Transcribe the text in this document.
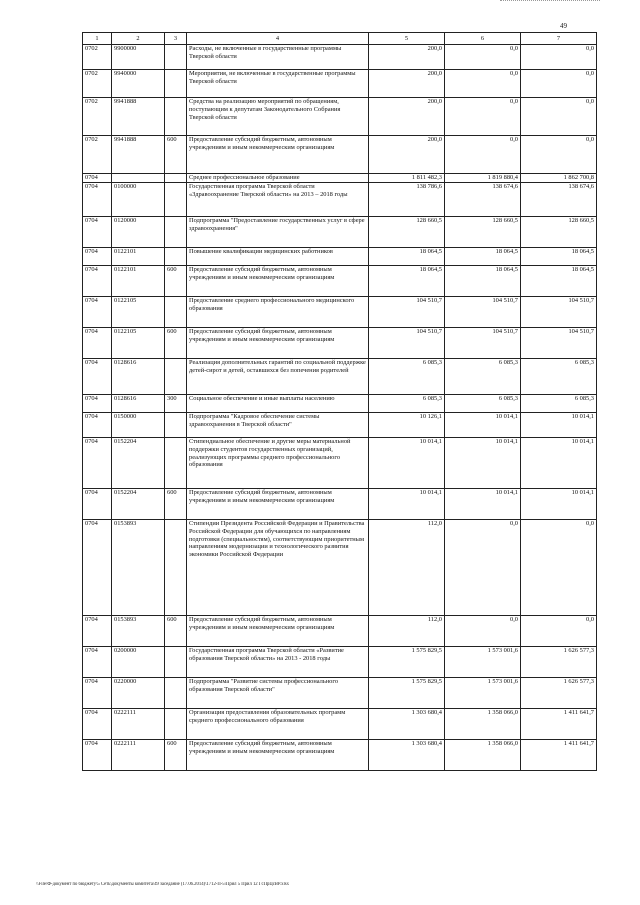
49
1	2	3	4	5	6	7
0702	9900000		Расходы, не включенные в государственные программы Тверской области	200,0	0,0	0,0
0702	9940000		Мероприятия, не включенные в государственные программы Тверской области	200,0	0,0	0,0
0702	9941888		Средства на реализацию мероприятий по обращениям, поступающим к депутатам Законодательного Собрания Тверской области	200,0	0,0	0,0
0702	9941888	600	Предоставление субсидий бюджетным, автономным учреждениям и иным некоммерческим организациям	200,0	0,0	0,0
0704			Среднее профессиональное образование	1 811 482,3	1 819 880,4	1 862 700,8
0704	0100000		Государственная программа Тверской области «Здравоохранение Тверской области» на 2013 – 2018 годы	138 786,6	138 674,6	138 674,6
0704	0120000		Подпрограмма "Предоставление государственных услуг в сфере здравоохранения"	128 660,5	128 660,5	128 660,5
0704	0122101		Повышение квалификации медицинских работников	18 064,5	18 064,5	18 064,5
0704	0122101	600	Предоставление субсидий бюджетным, автономным учреждениям и иным некоммерческим организациям	18 064,5	18 064,5	18 064,5
0704	0122105		Предоставление среднего профессионального медицинского образования	104 510,7	104 510,7	104 510,7
0704	0122105	600	Предоставление субсидий бюджетным, автономным учреждениям и иным некоммерческим организациям	104 510,7	104 510,7	104 510,7
0704	0128616		Реализация дополнительных гарантий по социальной поддержке детей-сирот и детей, оставшихся без попечения родителей	6 085,3	6 085,3	6 085,3
0704	0128616	300	Социальное обеспечение и иные выплаты населению	6 085,3	6 085,3	6 085,3
0704	0150000		Подпрограмма "Кадровое обеспечение системы здравоохранения в Тверской области"	10 126,1	10 014,1	10 014,1
0704	0152204		Стипендиальное обеспечение и другие меры материальной поддержки студентов государственных организаций, реализующих программы среднего профессионального образования	10 014,1	10 014,1	10 014,1
0704	0152204	600	Предоставление субсидий бюджетным, автономным учреждениям и иным некоммерческим организациям	10 014,1	10 014,1	10 014,1
0704	0153893		Стипендии Президента Российской Федерации и Правительства Российской Федерации для обучающихся по направлениям подготовки (специальностям), соответствующим приоритетным направлениям модернизации и технологического развития экономики Российской Федерации	112,0	0,0	0,0
0704	0153893	600	Предоставление субсидий бюджетным, автономным учреждениям и иным некоммерческим организациям	112,0	0,0	0,0
0704	0200000		Государственная программа Тверской области «Развитие образования Тверской области» на 2013 - 2018 годы	1 575 829,5	1 573 001,6	1 626 577,3
0704	0220000		Подпрограмма "Развитие системы профессионального образования Тверской области"	1 575 829,5	1 573 001,6	1 626 577,3
0704	0222111		Организация предоставления образовательных программ среднего профессионального образования	1 303 680,4	1 358 066,0	1 411 641,7
0704	0222111	600	Предоставление субсидий бюджетным, автономным учреждениям и иным некоммерческим организациям	1 303 680,4	1 358 066,0	1 411 641,7
\\File\Ф-документ по бюджету\5 Сеть\документы комитета\49 заседание (17.06.2014)\1712-П-5\Прил 5 Прил 12 ГсПрЦсВР.xlsx
